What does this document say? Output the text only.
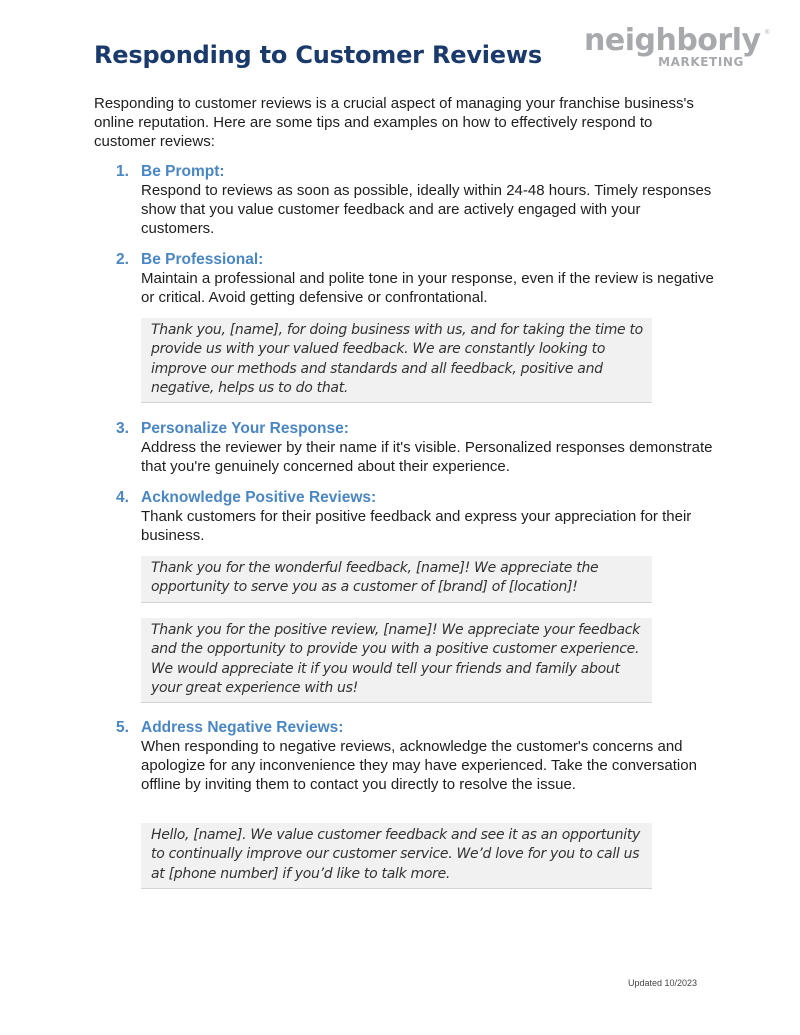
neighborly ®
MARKETING
Responding to Customer Reviews

Responding to customer reviews is a crucial aspect of managing your franchise business's online reputation. Here are some tips and examples on how to effectively respond to customer reviews:

1. Be Prompt:
Respond to reviews as soon as possible, ideally within 24-48 hours. Timely responses show that you value customer feedback and are actively engaged with your customers.
2. Be Professional:
Maintain a professional and polite tone in your response, even if the review is negative or critical. Avoid getting defensive or confrontational.
Thank you, [name], for doing business with us, and for taking the time to provide us with your valued feedback. We are constantly looking to improve our methods and standards and all feedback, positive and negative, helps us to do that.
3. Personalize Your Response:
Address the reviewer by their name if it's visible. Personalized responses demonstrate that you're genuinely concerned about their experience.
4. Acknowledge Positive Reviews:
Thank customers for their positive feedback and express your appreciation for their business.
Thank you for the wonderful feedback, [name]! We appreciate the opportunity to serve you as a customer of [brand] of [location]!
Thank you for the positive review, [name]! We appreciate your feedback and the opportunity to provide you with a positive customer experience. We would appreciate it if you would tell your friends and family about your great experience with us!
5. Address Negative Reviews:
When responding to negative reviews, acknowledge the customer's concerns and apologize for any inconvenience they may have experienced. Take the conversation offline by inviting them to contact you directly to resolve the issue.
Hello, [name]. We value customer feedback and see it as an opportunity to continually improve our customer service. We’d love for you to call us at [phone number] if you’d like to talk more.
Updated 10/2023
